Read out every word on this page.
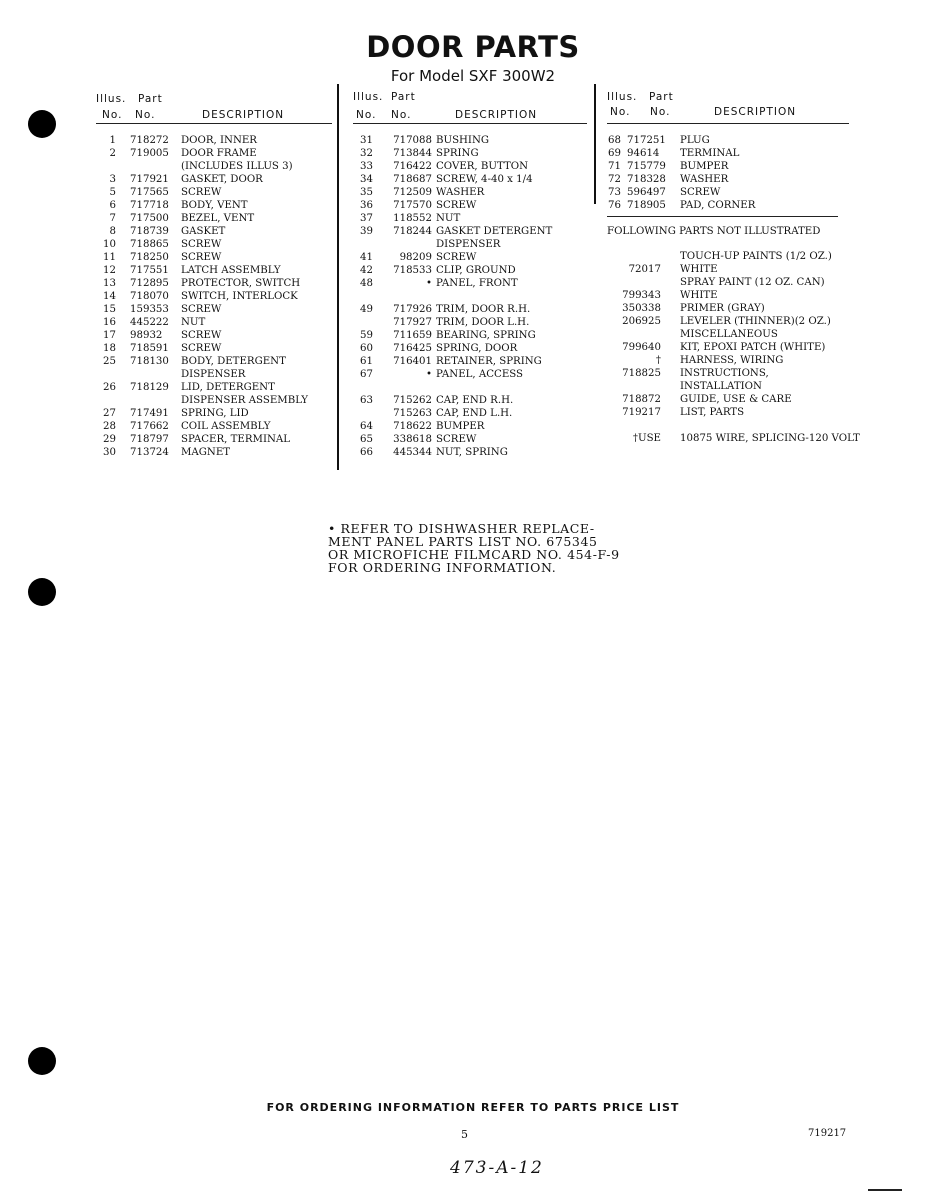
DOOR PARTS
For Model SXF 300W2
Illus. Part
No. No.	DESCRIPTION
1 718272 DOOR, INNER
2 719005 DOOR FRAME
(INCLUDES ILLUS 3)
3 717921 GASKET, DOOR
5 717565 SCREW
6 717718 BODY, VENT
7 717500 BEZEL, VENT
8 718739 GASKET
10 718865 SCREW
11 718250 SCREW
12 717551 LATCH ASSEMBLY
13 712895 PROTECTOR, SWITCH
14 718070 SWITCH, INTERLOCK
15 159353 SCREW
16 445222 NUT
17 98932 SCREW
18 718591 SCREW
25 718130 BODY, DETERGENT
DISPENSER
26 718129 LID, DETERGENT
DISPENSER ASSEMBLY
27 717491 SPRING, LID
28 717662 COIL ASSEMBLY
29 718797 SPACER, TERMINAL
30 713724 MAGNET
Illus. Part
No. No.	DESCRIPTION
31	717088 BUSHING
32	713844 SPRING
33	716422 COVER, BUTTON
34	718687 SCREW, 4-40 x 1/4
35	712509 WASHER
36	717570 SCREW
37	118552 NUT
39	718244 GASKET DETERGENT
DISPENSER
41	98209 SCREW
42	718533 CLIP, GROUND
48	• PANEL, FRONT
49	717926 TRIM, DOOR R.H.
717927 TRIM, DOOR L.H.
59	711659 BEARING, SPRING
60	716425 SPRING, DOOR
61	716401 RETAINER, SPRING
67	• PANEL, ACCESS
63	715262 CAP, END R.H.
715263 CAP, END L.H.
64	718622 BUMPER
65	338618 SCREW
66	445344 NUT, SPRING
Illus. Part
No. No.	DESCRIPTION
68 717251 PLUG
69 94614 TERMINAL
71 715779 BUMPER
72 718328 WASHER
73 596497 SCREW
76 718905 PAD, CORNER
FOLLOWING PARTS NOT ILLUSTRATED
TOUCH-UP PAINTS (1/2 OZ.)
72017 WHITE
SPRAY PAINT (12 OZ. CAN)
799343 WHITE
350338 PRIMER (GRAY)
206925 LEVELER (THINNER)(2 OZ.)
MISCELLANEOUS
799640 KIT, EPOXI PATCH (WHITE)
† HARNESS, WIRING
718825 INSTRUCTIONS,
INSTALLATION
718872 GUIDE, USE & CARE
719217 LIST, PARTS
†USE 10875 WIRE, SPLICING-120 VOLT
• REFER TO DISHWASHER REPLACE-
MENT PANEL PARTS LIST NO. 675345
OR MICROFICHE FILMCARD NO. 454-F-9
FOR ORDERING INFORMATION.
FOR ORDERING INFORMATION REFER TO PARTS PRICE LIST
5	719217
473-A-12
